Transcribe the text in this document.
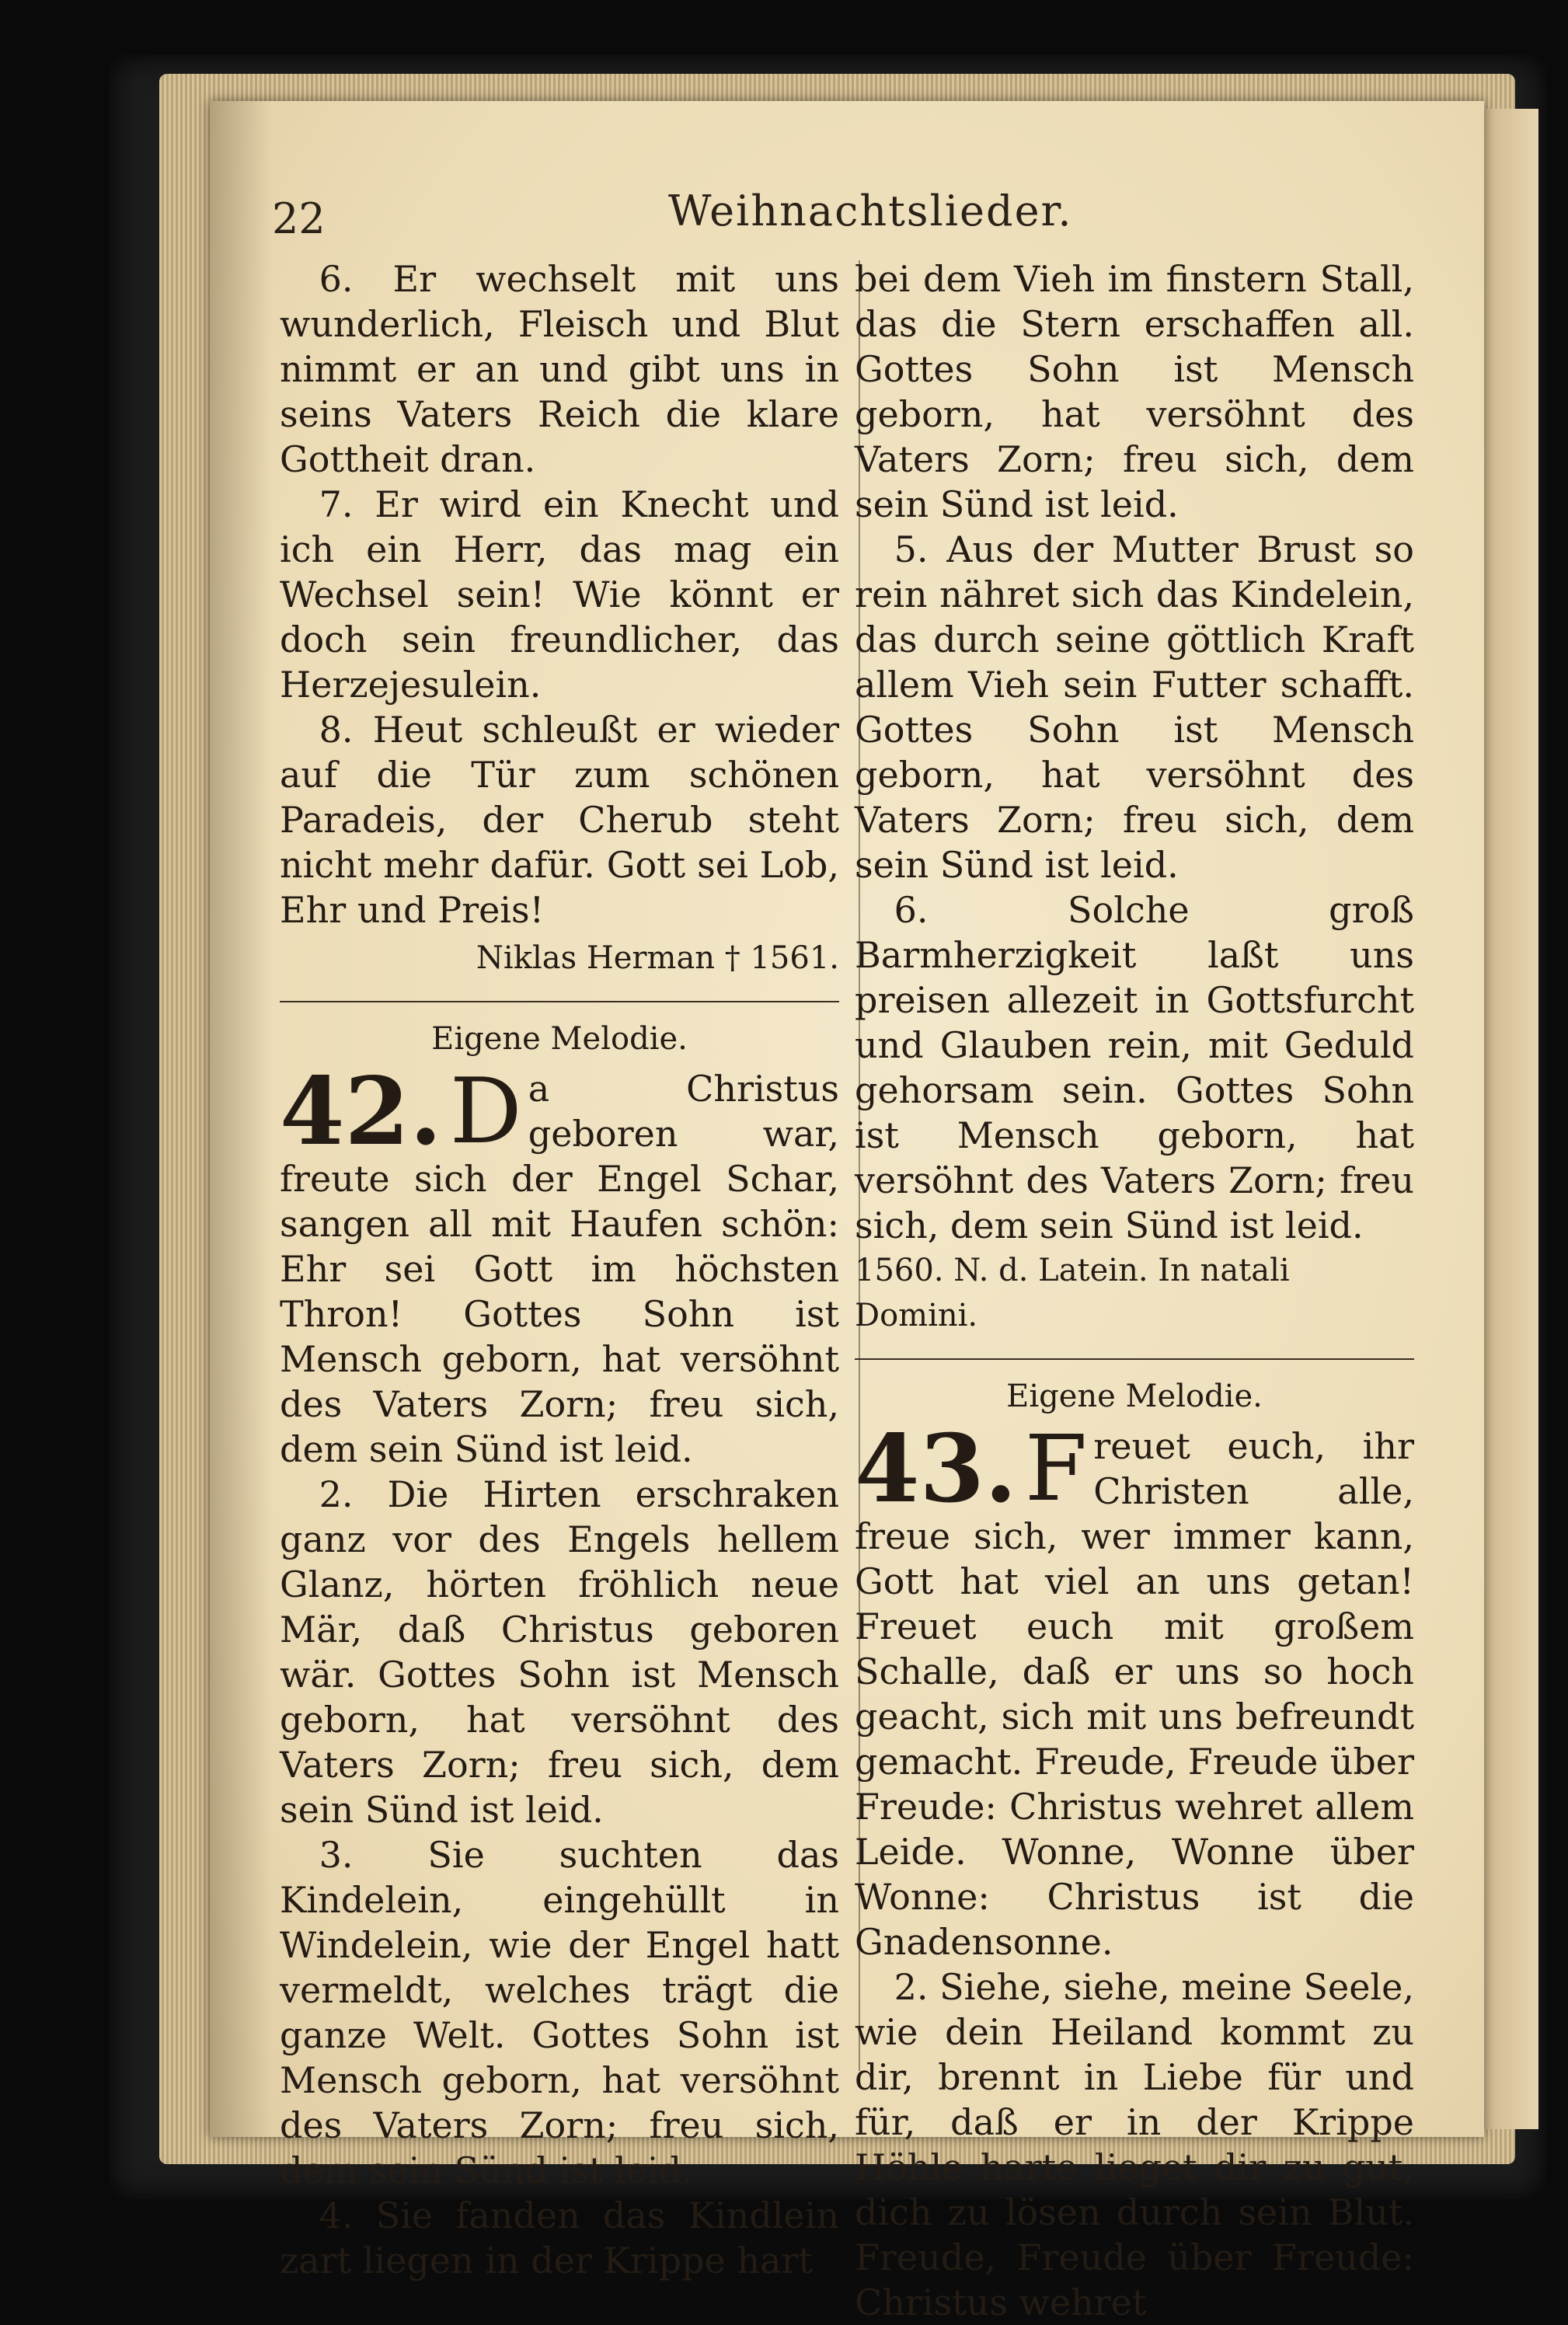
22	Weihnachtslieder.

6. Er wechselt mit uns wunderlich, Fleisch und Blut nimmt er an und gibt uns in seins Vaters Reich die klare Gottheit dran.

7. Er wird ein Knecht und ich ein Herr, das mag ein Wechsel sein! Wie könnt er doch sein freundlicher, das Herzejesulein.

8. Heut schleußt er wieder auf die Tür zum schönen Paradeis, der Cherub steht nicht mehr dafür. Gott sei Lob, Ehr und Preis!

Niklas Herman † 1561.
Eigene Melodie.
42. D a Christus geboren war, freute sich der Engel Schar, sangen all mit Haufen schön: Ehr sei Gott im höchsten Thron! Gottes Sohn ist Mensch geborn, hat versöhnt des Vaters Zorn; freu sich, dem sein Sünd ist leid.

2. Die Hirten erschraken ganz vor des Engels hellem Glanz, hörten fröhlich neue Mär, daß Christus geboren wär. Gottes Sohn ist Mensch geborn, hat versöhnt des Vaters Zorn; freu sich, dem sein Sünd ist leid.

3. Sie suchten das Kindelein, eingehüllt in Windelein, wie der Engel hatt vermeldt, welches trägt die ganze Welt. Gottes Sohn ist Mensch geborn, hat versöhnt des Vaters Zorn; freu sich, dem sein Sünd ist leid.

4. Sie fanden das Kindlein zart liegen in der Krippe hart

bei dem Vieh im finstern Stall, das die Stern erschaffen all. Gottes Sohn ist Mensch geborn, hat versöhnt des Vaters Zorn; freu sich, dem sein Sünd ist leid.

5. Aus der Mutter Brust so rein nähret sich das Kindelein, das durch seine göttlich Kraft allem Vieh sein Futter schafft. Gottes Sohn ist Mensch geborn, hat versöhnt des Vaters Zorn; freu sich, dem sein Sünd ist leid.

6. Solche groß Barmherzigkeit laßt uns preisen allezeit in Gottsfurcht und Glauben rein, mit Geduld gehorsam sein. Gottes Sohn ist Mensch geborn, hat versöhnt des Vaters Zorn; freu sich, dem sein Sünd ist leid.

1560. N. d. Latein. In natali Domini.
Eigene Melodie.
43. F reuet euch, ihr Christen alle, freue sich, wer immer kann, Gott hat viel an uns getan! Freuet euch mit großem Schalle, daß er uns so hoch geacht, sich mit uns befreundt gemacht. Freude, Freude über Freude: Christus wehret allem Leide. Wonne, Wonne über Wonne: Christus ist die Gnadensonne.

2. Siehe, siehe, meine Seele, wie dein Heiland kommt zu dir, brennt in Liebe für und für, daß er in der Krippe Höhle harte lieget dir zu gut, dich zu lösen durch sein Blut. Freude, Freude über Freude: Christus wehret
